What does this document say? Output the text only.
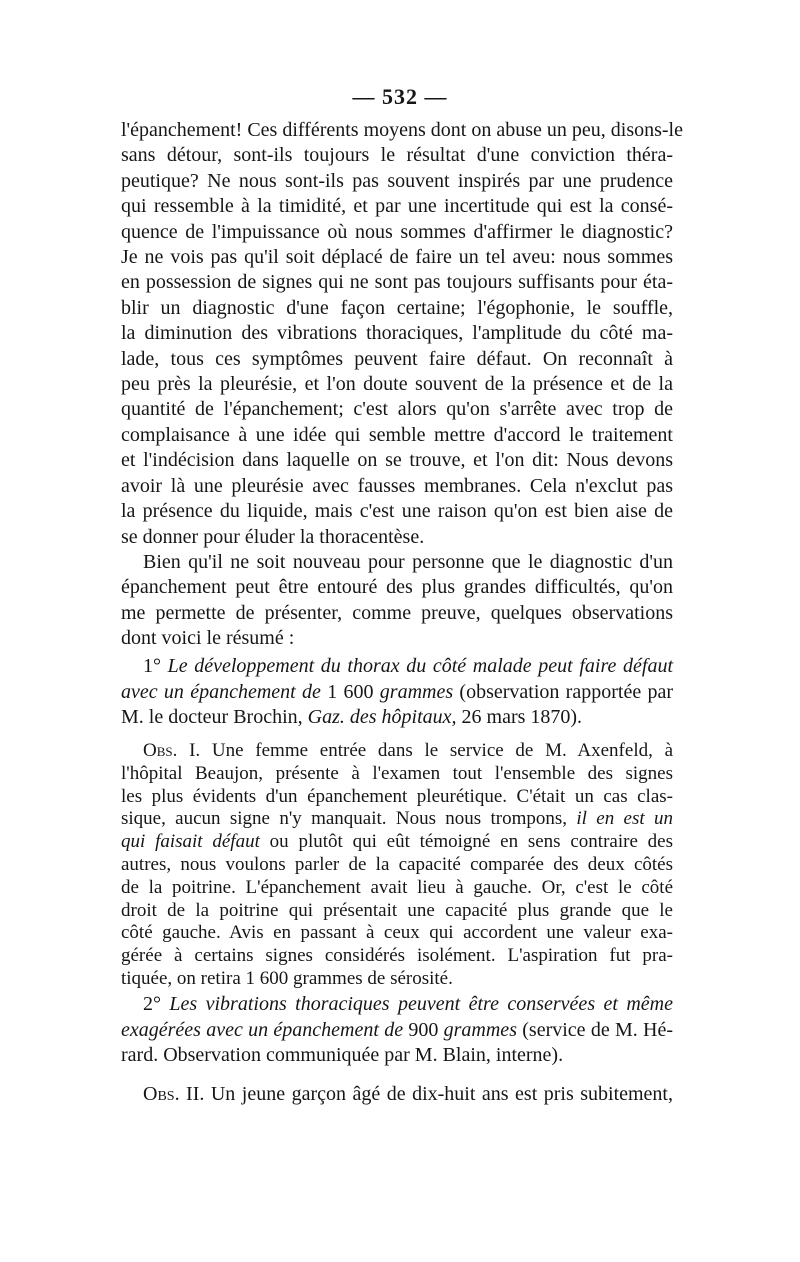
— 532 —
l'épanchement! Ces différents moyens dont on abuse un peu, disons-le
sans détour, sont-ils toujours le résultat d'une conviction théra-
peutique? Ne nous sont-ils pas souvent inspirés par une prudence
qui ressemble à la timidité, et par une incertitude qui est la consé-
quence de l'impuissance où nous sommes d'affirmer le diagnostic?
Je ne vois pas qu'il soit déplacé de faire un tel aveu: nous sommes
en possession de signes qui ne sont pas toujours suffisants pour éta-
blir un diagnostic d'une façon certaine; l'égophonie, le souffle,
la diminution des vibrations thoraciques, l'amplitude du côté ma-
lade, tous ces symptômes peuvent faire défaut. On reconnaît à
peu près la pleurésie, et l'on doute souvent de la présence et de la
quantité de l'épanchement; c'est alors qu'on s'arrête avec trop de
complaisance à une idée qui semble mettre d'accord le traitement
et l'indécision dans laquelle on se trouve, et l'on dit: Nous devons
avoir là une pleurésie avec fausses membranes. Cela n'exclut pas
la présence du liquide, mais c'est une raison qu'on est bien aise de
se donner pour éluder la thoracentèse.
Bien qu'il ne soit nouveau pour personne que le diagnostic d'un
épanchement peut être entouré des plus grandes difficultés, qu'on
me permette de présenter, comme preuve, quelques observations
dont voici le résumé :
1° Le développement du thorax du côté malade peut faire défaut
avec un épanchement de 1 600 grammes (observation rapportée par
M. le docteur Brochin, Gaz. des hôpitaux, 26 mars 1870).
Obs. I. Une femme entrée dans le service de M. Axenfeld, à
l'hôpital Beaujon, présente à l'examen tout l'ensemble des signes
les plus évidents d'un épanchement pleurétique. C'était un cas clas-
sique, aucun signe n'y manquait. Nous nous trompons, il en est un
qui faisait défaut ou plutôt qui eût témoigné en sens contraire des
autres, nous voulons parler de la capacité comparée des deux côtés
de la poitrine. L'épanchement avait lieu à gauche. Or, c'est le côté
droit de la poitrine qui présentait une capacité plus grande que le
côté gauche. Avis en passant à ceux qui accordent une valeur exa-
gérée à certains signes considérés isolément. L'aspiration fut pra-
tiquée, on retira 1 600 grammes de sérosité.
2° Les vibrations thoraciques peuvent être conservées et même
exagérées avec un épanchement de 900 grammes (service de M. Hé-
rard. Observation communiquée par M. Blain, interne).
Obs. II. Un jeune garçon âgé de dix-huit ans est pris subitement,
